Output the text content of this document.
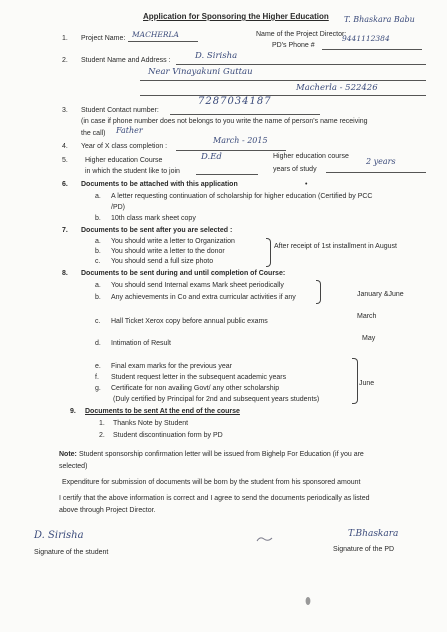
Application for Sponsoring the Higher Education
1. Project Name: MACHERLA	Name of the Project Director:
T. Bhaskara Babu
PD's Phone #
9441112384
2. Student Name and Address :	D. Sirisha
Near Vinayakuni Guttau
Macherla - 522426
7287034187
3. Student Contact number:
(in case if phone number does not belongs to you write the name of person's name receiving
the call) Father
4. Year of X class completion :
March - 2015
5. Higher education Course
in which the student like to join
D.Ed	Higher education course
years of study
2 years
6. Documents to be attached with this application	•
a. A letter requesting continuation of scholarship for higher education (Certified by PCC
/PD)
b. 10th class mark sheet copy
7. Documents to be sent after you are selected :
a. You should write a letter to Organization
b. You should write a letter to the donor
c. You should send a full size photo
After receipt of 1st installment in August
8. Documents to be sent during and until completion of Course:
a. You should send Internal exams Mark sheet periodically
b. Any achievements in Co and extra curricular activities if any	January &June
c. Hall Ticket Xerox copy before annual public exams
March
d. Intimation of Result
May
e. Final exam marks for the previous year
f. Student request letter in the subsequent academic years
g. Certificate for non availing Govt/ any other scholarship
(Duly certified by Principal for 2nd and subsequent years students)
June
9. Documents to be sent At the end of the course
1. Thanks Note by Student
2. Student discontinuation form by PD
Note: Student sponsorship confirmation letter will be issued from Bighelp For Education (if you are
selected)
Expenditure for submission of documents will be born by the student from his sponsored amount
I certify that the above information is correct and I agree to send the documents periodically as listed
above through Project Director.
D. Sirisha
Signature of the student
T.Bhaskara
Signature of the PD
